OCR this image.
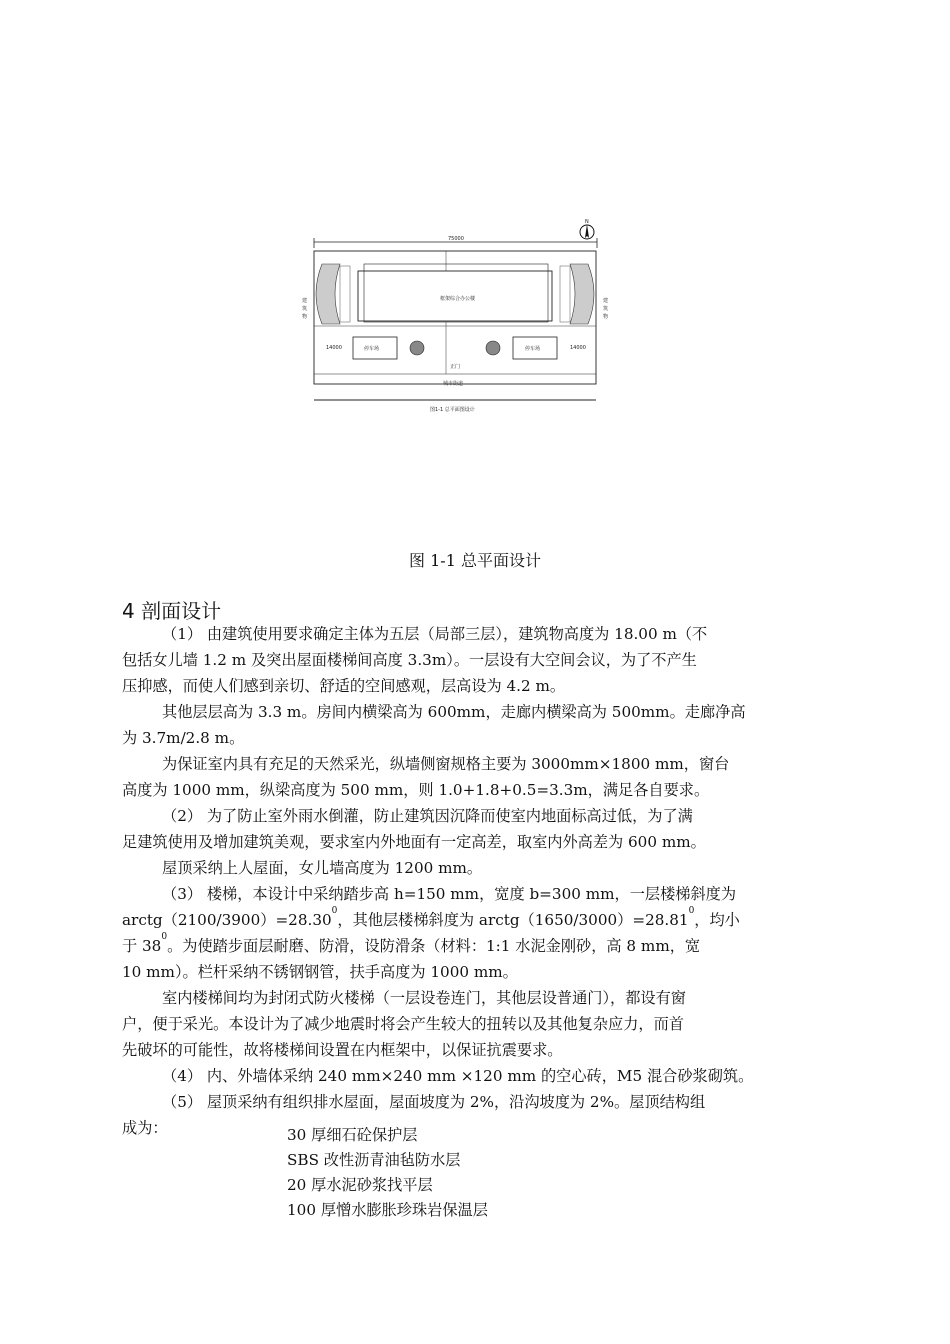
75000
N
城市街道
框架综合办公楼
建
筑
物
建
筑
物
停车场	停车场
正门
14000	14000
图1-1 总平面图设计
图 1-1 总平面设计
4 剖面设计
（1） 由建筑使用要求确定主体为五层（局部三层），建筑物高度为 18.00 m（不
包括女儿墙 1.2 m 及突出屋面楼梯间高度 3.3m）。一层设有大空间会议，为了不产生
压抑感，而使人们感到亲切、舒适的空间感观，层高设为 4.2 m。
其他层层高为 3.3 m。房间内横梁高为 600mm，走廊内横梁高为 500mm。走廊净高
为 3.7m/2.8 m。
为保证室内具有充足的天然采光，纵墙侧窗规格主要为 3000mm×1800 mm，窗台
高度为 1000 mm，纵梁高度为 500 mm，则 1.0+1.8+0.5=3.3m，满足各自要求。
（2） 为了防止室外雨水倒灌，防止建筑因沉降而使室内地面标高过低，为了满
足建筑使用及增加建筑美观，要求室内外地面有一定高差，取室内外高差为 600 mm。
屋顶采纳上人屋面，女儿墙高度为 1200 mm。
（3） 楼梯，本设计中采纳踏步高 h=150 mm，宽度 b=300 mm，一层楼梯斜度为
$arctg(2100/3900)=28.30^0$，其他层楼梯斜度为 $arctg(1650/3000)=28.81^0$，均小
于 $38^0$。为使踏步面层耐磨、防滑，设防滑条（材料：1:1 水泥金刚砂，高 8 mm，宽
10 mm）。栏杆采纳不锈钢钢管，扶手高度为 1000 mm。
室内楼梯间均为封闭式防火楼梯（一层设卷连门，其他层设普通门），都设有窗
户，便于采光。本设计为了减少地震时将会产生较大的扭转以及其他复杂应力，而首
先破坏的可能性，故将楼梯间设置在内框架中，以保证抗震要求。
（4） 内、外墙体采纳 240 mm×240 mm ×120 mm 的空心砖，M5 混合砂浆砌筑。
（5） 屋顶采纳有组织排水屋面，屋面坡度为 2%，沿沟坡度为 2%。屋顶结构组
成为：	30 厚细石砼保护层
SBS 改性沥青油毡防水层
20 厚水泥砂浆找平层
100 厚憎水膨胀珍珠岩保温层
